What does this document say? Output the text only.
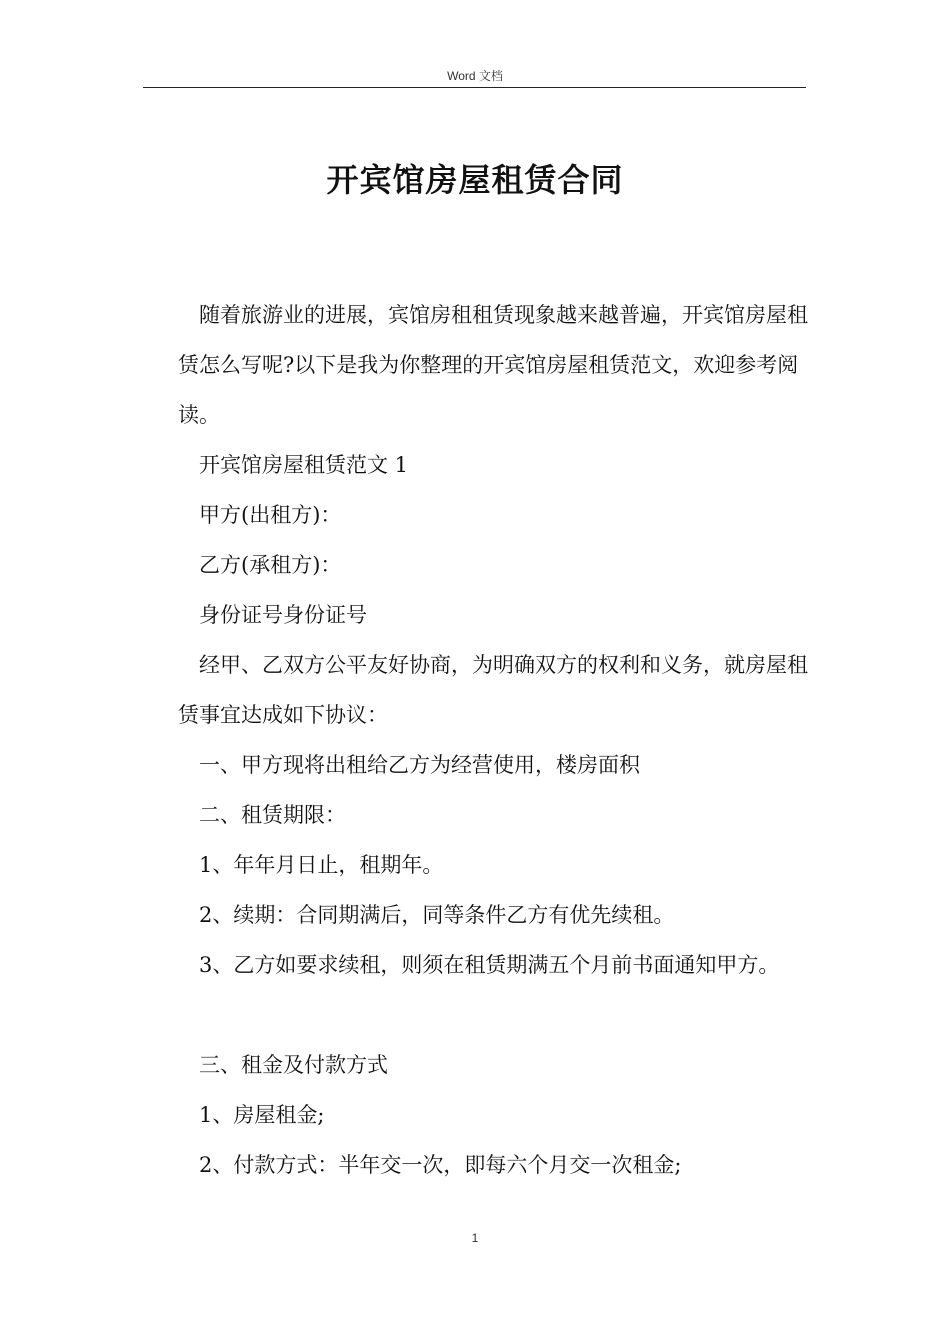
Word 文档
开宾馆房屋租赁合同

随着旅游业的进展，宾馆房租租赁现象越来越普遍，开宾馆房屋租赁怎么写呢?以下是我为你整理的开宾馆房屋租赁范文，欢迎参考阅读。

开宾馆房屋租赁范文 1

甲方(出租方)：

乙方(承租方)：

身份证号身份证号

经甲、乙双方公平友好协商，为明确双方的权利和义务，就房屋租赁事宜达成如下协议：

一、甲方现将出租给乙方为经营使用，楼房面积

二、租赁期限：

1、年年月日止，租期年。

2、续期：合同期满后，同等条件乙方有优先续租。

3、乙方如要求续租，则须在租赁期满五个月前书面通知甲方。

三、租金及付款方式

1、房屋租金;

2、付款方式：半年交一次，即每六个月交一次租金;

1
